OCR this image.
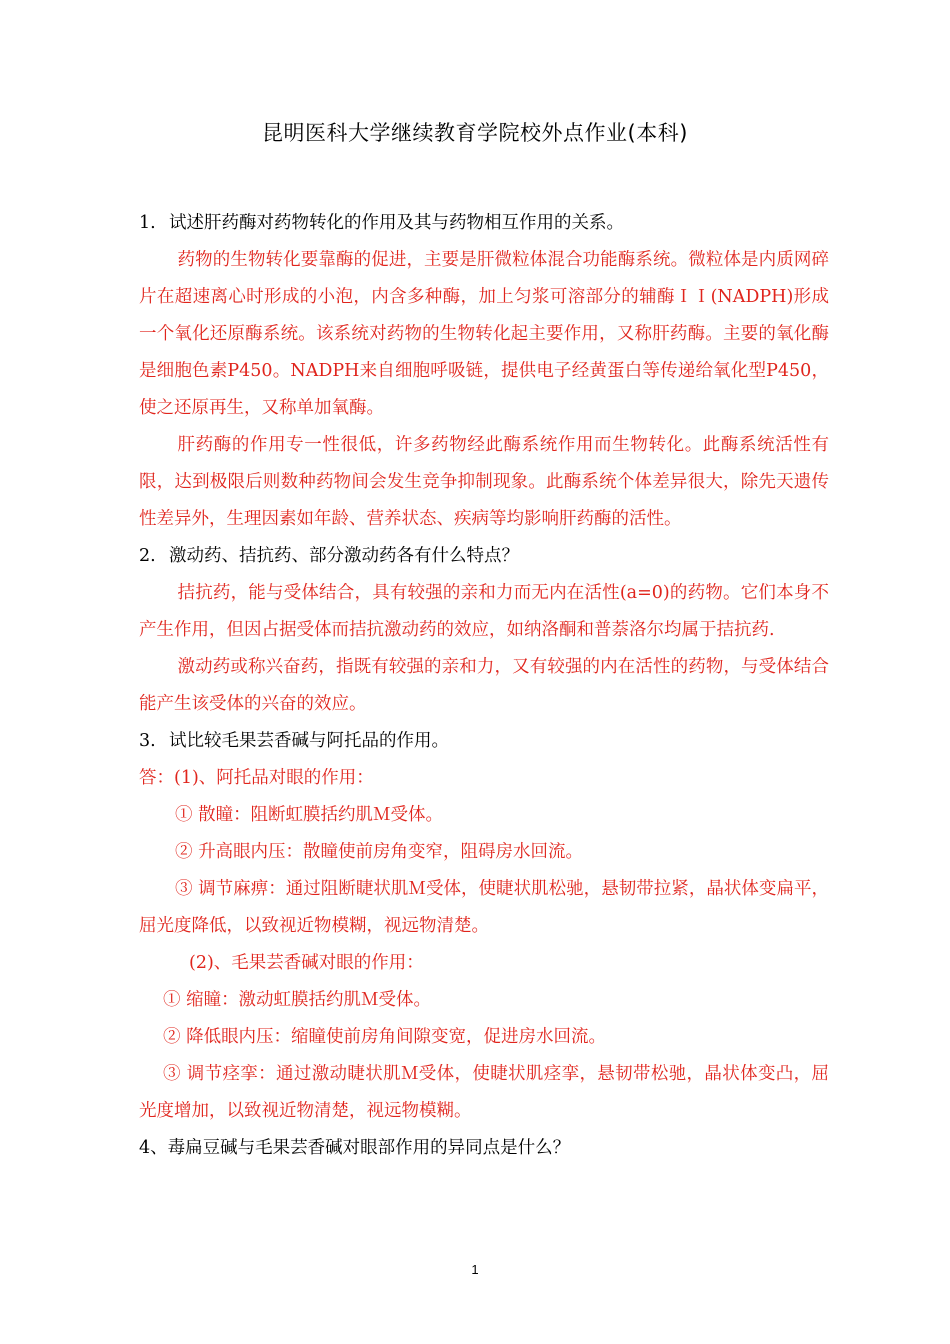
昆明医科大学继续教育学院校外点作业(本科)
1. 试述肝药酶对药物转化的作用及其与药物相互作用的关系。
药物的生物转化要靠酶的促进，主要是肝微粒体混合功能酶系统。微粒体是内质网碎片在超速离心时形成的小泡，内含多种酶，加上匀浆可溶部分的辅酶ＩＩ(NADPH)形成一个氧化还原酶系统。该系统对药物的生物转化起主要作用，又称肝药酶。主要的氧化酶是细胞色素P450。NADPH来自细胞呼吸链，提供电子经黄蛋白等传递给氧化型P450，使之还原再生，又称单加氧酶。
肝药酶的作用专一性很低，许多药物经此酶系统作用而生物转化。此酶系统活性有限，达到极限后则数种药物间会发生竞争抑制现象。此酶系统个体差异很大，除先天遗传性差异外，生理因素如年龄、营养状态、疾病等均影响肝药酶的活性。
2. 激动药、拮抗药、部分激动药各有什么特点？
拮抗药，能与受体结合，具有较强的亲和力而无内在活性(a=0)的药物。它们本身不产生作用，但因占据受体而拮抗激动药的效应，如纳洛酮和普萘洛尔均属于拮抗药.
激动药或称兴奋药，指既有较强的亲和力，又有较强的内在活性的药物，与受体结合能产生该受体的兴奋的效应。
3. 试比较毛果芸香碱与阿托品的作用。
答：(1)、阿托品对眼的作用：
① 散瞳：阻断虹膜括约肌Ｍ受体。
② 升高眼内压：散瞳使前房角变窄，阻碍房水回流。
③ 调节麻痹：通过阻断睫状肌Ｍ受体，使睫状肌松驰，悬韧带拉紧，晶状体变扁平，屈光度降低，以致视近物模糊，视远物清楚。
(2)、毛果芸香碱对眼的作用：
① 缩瞳：激动虹膜括约肌Ｍ受体。
② 降低眼内压：缩瞳使前房角间隙变宽，促进房水回流。
③ 调节痉挛：通过激动睫状肌Ｍ受体，使睫状肌痉挛，悬韧带松驰，晶状体变凸，屈光度增加，以致视近物清楚，视远物模糊。
4、毒扁豆碱与毛果芸香碱对眼部作用的异同点是什么？
1
